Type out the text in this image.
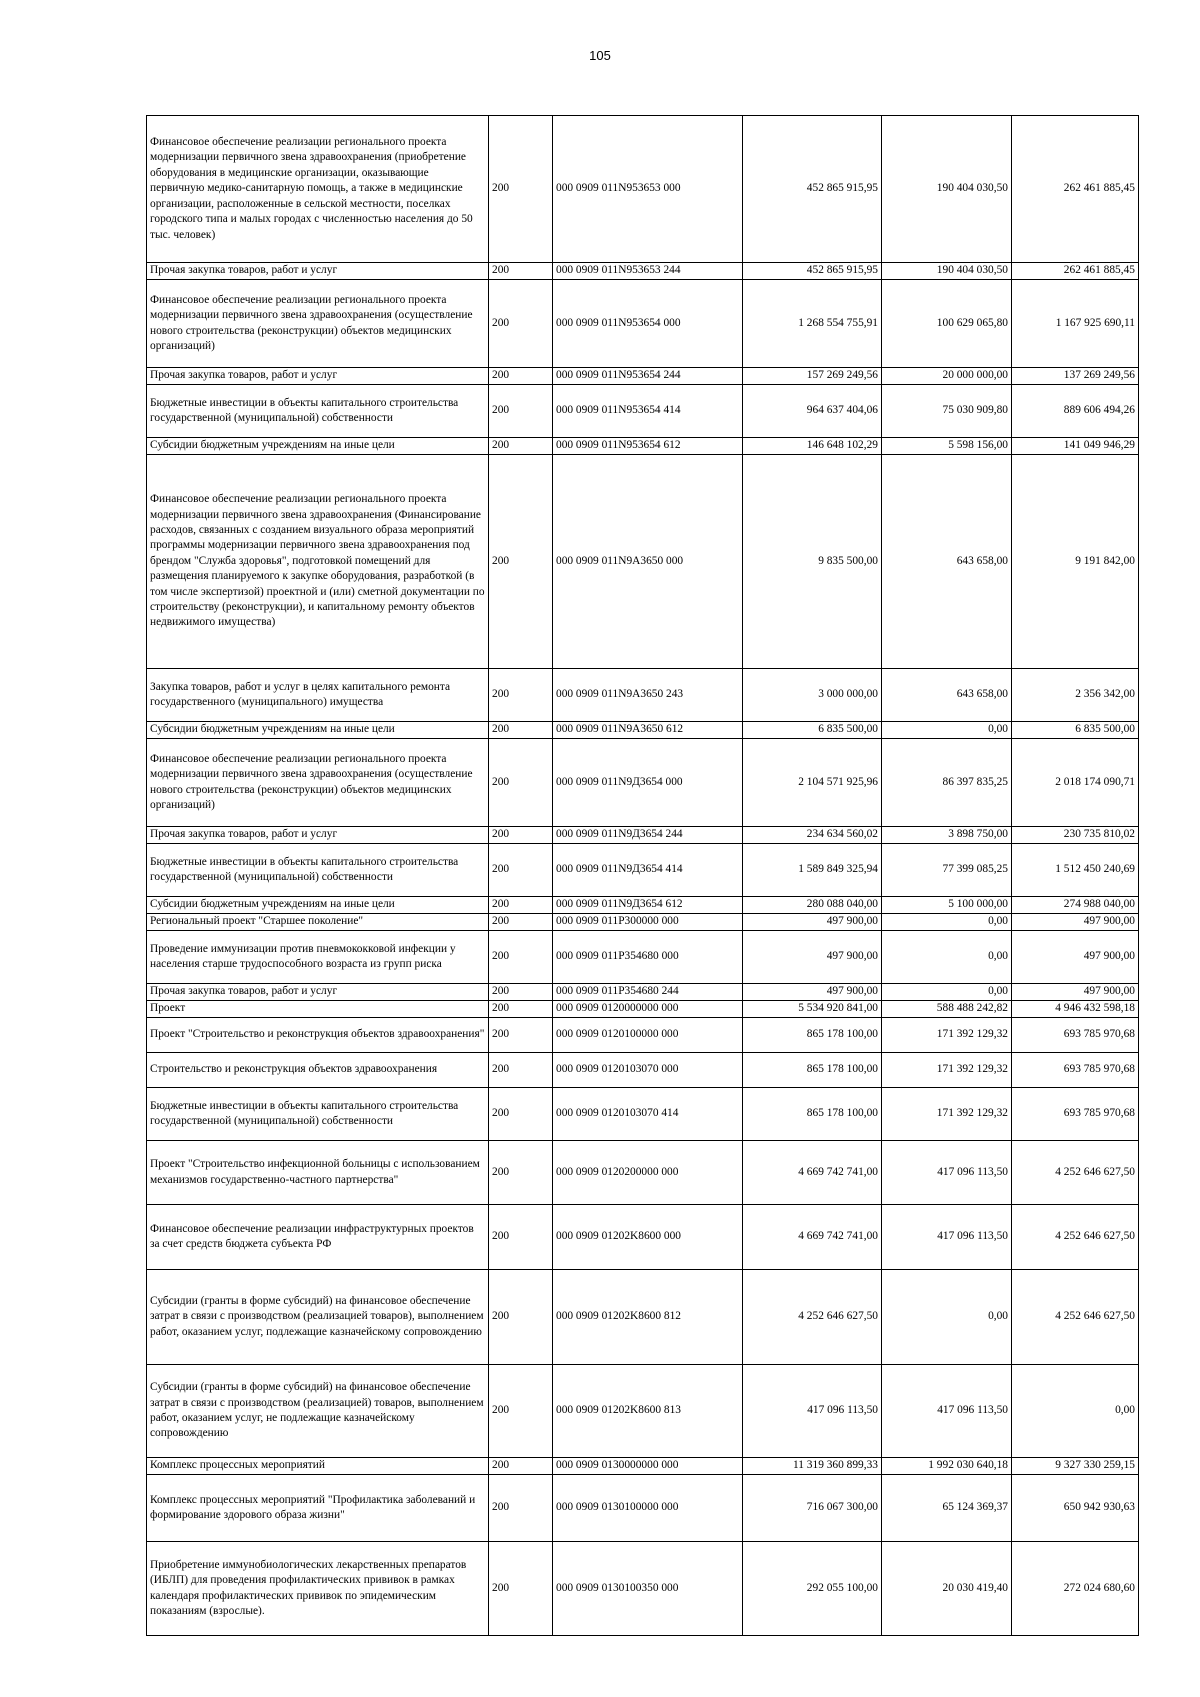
105
Финансовое обеспечение реализации регионального проекта модернизации первичного звена здравоохранения (приобретение оборудования в медицинские организации, оказывающие первичную медико-санитарную помощь, а также в медицинские организации, расположенные в сельской местности, поселках городского типа и малых городах с численностью населения до 50 тыс. человек)	200	000 0909 011N953653 000	452 865 915,95	190 404 030,50	262 461 885,45
Прочая закупка товаров, работ и услуг	200	000 0909 011N953653 244	452 865 915,95	190 404 030,50	262 461 885,45
Финансовое обеспечение реализации регионального проекта модернизации первичного звена здравоохранения (осуществление нового строительства (реконструкции) объектов медицинских организаций)	200	000 0909 011N953654 000	1 268 554 755,91	100 629 065,80	1 167 925 690,11
Прочая закупка товаров, работ и услуг	200	000 0909 011N953654 244	157 269 249,56	20 000 000,00	137 269 249,56
Бюджетные инвестиции в объекты капитального строительства государственной (муниципальной) собственности	200	000 0909 011N953654 414	964 637 404,06	75 030 909,80	889 606 494,26
Субсидии бюджетным учреждениям на иные цели	200	000 0909 011N953654 612	146 648 102,29	5 598 156,00	141 049 946,29
Финансовое обеспечение реализации регионального проекта модернизации первичного звена здравоохранения (Финансирование расходов, связанных с созданием визуального образа мероприятий программы модернизации первичного звена здравоохранения под брендом "Служба здоровья", подготовкой помещений для размещения планируемого к закупке оборудования, разработкой (в том числе экспертизой) проектной и (или) сметной документации по строительству (реконструкции), и капитальному ремонту объектов недвижимого имущества)	200	000 0909 011N9А3650 000	9 835 500,00	643 658,00	9 191 842,00
Закупка товаров, работ и услуг в целях капитального ремонта государственного (муниципального) имущества	200	000 0909 011N9А3650 243	3 000 000,00	643 658,00	2 356 342,00
Субсидии бюджетным учреждениям на иные цели	200	000 0909 011N9А3650 612	6 835 500,00	0,00	6 835 500,00
Финансовое обеспечение реализации регионального проекта модернизации первичного звена здравоохранения (осуществление нового строительства (реконструкции) объектов медицинских организаций)	200	000 0909 011N9Д3654 000	2 104 571 925,96	86 397 835,25	2 018 174 090,71
Прочая закупка товаров, работ и услуг	200	000 0909 011N9Д3654 244	234 634 560,02	3 898 750,00	230 735 810,02
Бюджетные инвестиции в объекты капитального строительства государственной (муниципальной) собственности	200	000 0909 011N9Д3654 414	1 589 849 325,94	77 399 085,25	1 512 450 240,69
Субсидии бюджетным учреждениям на иные цели	200	000 0909 011N9Д3654 612	280 088 040,00	5 100 000,00	274 988 040,00
Региональный проект "Старшее поколение"	200	000 0909 011P300000 000	497 900,00	0,00	497 900,00
Проведение иммунизации против пневмококковой инфекции у населения старше трудоспособного возраста из групп риска	200	000 0909 011P354680 000	497 900,00	0,00	497 900,00
Прочая закупка товаров, работ и услуг	200	000 0909 011P354680 244	497 900,00	0,00	497 900,00
Проект	200	000 0909 0120000000 000	5 534 920 841,00	588 488 242,82	4 946 432 598,18
Проект "Строительство и реконструкция объектов здравоохранения"	200	000 0909 0120100000 000	865 178 100,00	171 392 129,32	693 785 970,68
Строительство и реконструкция объектов здравоохранения	200	000 0909 0120103070 000	865 178 100,00	171 392 129,32	693 785 970,68
Бюджетные инвестиции в объекты капитального строительства государственной (муниципальной) собственности	200	000 0909 0120103070 414	865 178 100,00	171 392 129,32	693 785 970,68
Проект "Строительство инфекционной больницы с использованием механизмов государственно-частного партнерства"	200	000 0909 0120200000 000	4 669 742 741,00	417 096 113,50	4 252 646 627,50
Финансовое обеспечение реализации инфраструктурных проектов за счет средств бюджета субъекта РФ	200	000 0909 01202K8600 000	4 669 742 741,00	417 096 113,50	4 252 646 627,50
Субсидии (гранты в форме субсидий) на финансовое обеспечение затрат в связи с производством (реализацией товаров), выполнением работ, оказанием услуг, подлежащие казначейскому сопровождению	200	000 0909 01202K8600 812	4 252 646 627,50	0,00	4 252 646 627,50
Субсидии (гранты в форме субсидий) на финансовое обеспечение затрат в связи с производством (реализацией) товаров, выполнением работ, оказанием услуг, не подлежащие казначейскому сопровождению	200	000 0909 01202K8600 813	417 096 113,50	417 096 113,50	0,00
Комплекс процессных мероприятий	200	000 0909 0130000000 000	11 319 360 899,33	1 992 030 640,18	9 327 330 259,15
Комплекс процессных мероприятий "Профилактика заболеваний и формирование здорового образа жизни"	200	000 0909 0130100000 000	716 067 300,00	65 124 369,37	650 942 930,63
Приобретение иммунобиологических лекарственных препаратов (ИБЛП) для проведения профилактических прививок в рамках календаря профилактических прививок по эпидемическим показаниям (взрослые).	200	000 0909 0130100350 000	292 055 100,00	20 030 419,40	272 024 680,60
